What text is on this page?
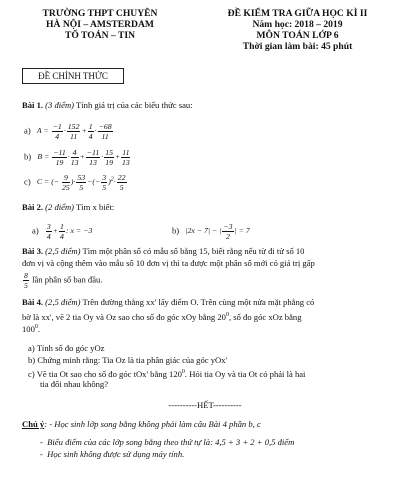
TRƯỜNG THPT CHUYÊN
HÀ NỘI – AMSTERDAM
TỔ TOÁN – TIN
ĐỀ KIỂM TRA GIỮA HỌC KÌ II
Năm học: 2018 – 2019
MÔN TOÁN LỚP 6
Thời gian làm bài: 45 phút
ĐỀ CHÍNH THỨC
Bài 1. (3 điểm) Tính giá trị của các biểu thức sau:
a) $A = \frac{-1}{4} \cdot \frac{152}{11} + \frac{1}{4} \cdot \frac{-68}{11}$
b) $B = \frac{-11}{19} \cdot \frac{4}{13} + \frac{-11}{13} \cdot \frac{15}{19} + \frac{11}{13}$
c) C = (− $\frac{9}{25}$ )· $\frac{53}{5}$ −(− $\frac{3}{5} )^2\cdot \frac{22}{5}$
Bài 2. (2 điểm) Tìm x biết:
$a) \frac{3}{4} + \frac{1}{4}$ : x = −3	b) |2x − 7| − | $\frac{-3}{2}$ | = 7
Bài 3. (2,5 điểm) Tìm một phân số có mẫu số bằng 15, biết rằng nếu từ đi tử số 10
đơn vị và cộng thêm vào mẫu số 10 đơn vị thì ta được một phân số mới có giá trị gấp
$\frac{8}{5}$ lần phân số ban đầu.
Bài 4. (2,5 điểm) Trên đường thẳng xx' lấy điểm O. Trên cùng một nửa mặt phẳng có
bờ là xx', vẽ 2 tia Oy và Oz sao cho số đo góc xOy bằng $20^0$, số đo góc xOz bằng
$100^0$.
a) Tính số đo góc yOz
b) Chứng minh rằng: Tia Oz là tia phân giác của góc yOx'
c) Vẽ tia Ot sao cho số đo góc tOx' bằng $120^0$. Hỏi tia Oy và tia Ot có phải là hai
tia đối nhau không?
----------HẾT----------
Chú ý: - Học sinh lớp song bằng không phải làm câu Bài 4 phần b, c
-  Biểu điểm của các lớp song bằng theo thứ tự là: 4,5 + 3 + 2 + 0,5 điểm
-  Học sinh không được sử dụng máy tính.
